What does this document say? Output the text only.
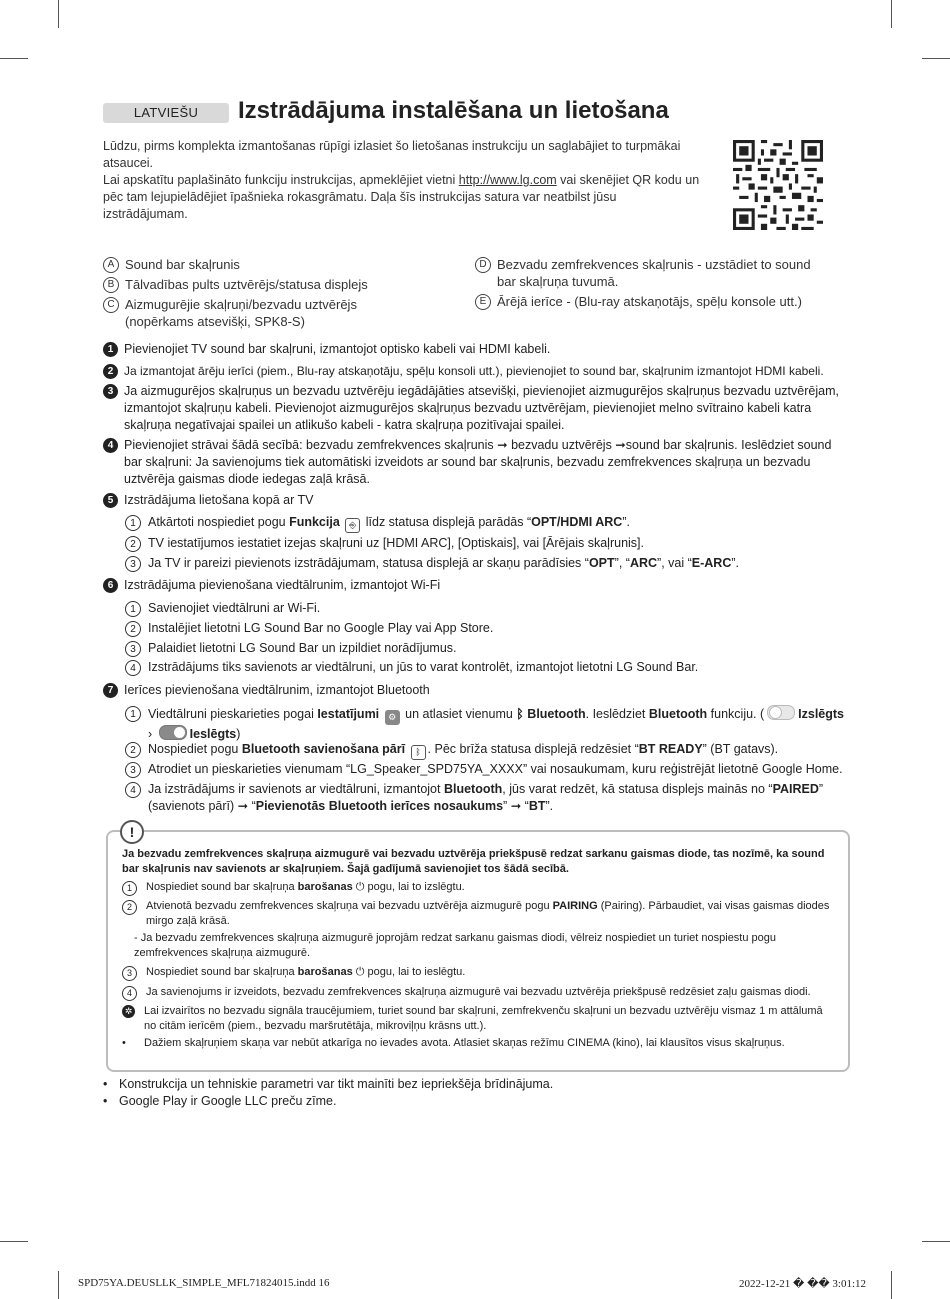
LATVIEŠU	Izstrādājuma instalēšana un lietošana
Lūdzu, pirms komplekta izmantošanas rūpīgi izlasiet šo lietošanas instrukciju un saglabājiet to turpmākai atsaucei.
Lai apskatītu paplašināto funkciju instrukcijas, apmeklējiet vietni http://www.lg.com vai skenējiet QR kodu un pēc tam lejupielādējiet īpašnieka rokasgrāmatu. Daļa šīs instrukcijas satura var neatbilst jūsu izstrādājumam.
A Sound bar skaļrunis
B Tālvadības pults uztvērējs/statusa displejs
C Aizmugurējie skaļruņi/bezvadu uztvērējs (nopērkams atsevišķi, SPK8-S)
D Bezvadu zemfrekvences skaļrunis - uzstādiet to sound bar skaļruņa tuvumā.
E Ārējā ierīce - (Blu-ray atskaņotājs, spēļu konsole utt.)
1 Pievienojiet TV sound bar skaļruni, izmantojot optisko kabeli vai HDMI kabeli.
2 Ja izmantojat ārēju ierīci (piem., Blu-ray atskaņotāju, spēļu konsoli utt.), pievienojiet to sound bar, skaļrunim izmantojot HDMI kabeli.
3 Ja aizmugurējos skaļruņus un bezvadu uztvērēju iegādājāties atsevišķi, pievienojiet aizmugurējos skaļruņus bezvadu uztvērējam, izmantojot skaļruņu kabeli. Pievienojot aizmugurējos skaļruņus bezvadu uztvērējam, pievienojiet melno svītraino kabeli katra skaļruņa negatīvajai spailei un atlikušo kabeli - katra skaļruņa pozitīvajai spailei.
4 Pievienojiet strāvai šādā secībā: bezvadu zemfrekvences skaļrunis ➞ bezvadu uztvērējs ➞sound bar skaļrunis. Ieslēdziet sound bar skaļruni: Ja savienojums tiek automātiski izveidots ar sound bar skaļrunis, bezvadu zemfrekvences skaļruņa un bezvadu uztvērēja gaismas diode iedegas zaļā krāsā.
5 Izstrādājuma lietošana kopā ar TV
1 Atkārtoti nospiediet pogu Funkcija ⎆ līdz statusa displejā parādās “OPT/HDMI ARC”.
2 TV iestatījumos iestatiet izejas skaļruni uz [HDMI ARC], [Optiskais], vai [Ārējais skaļrunis].
3 Ja TV ir pareizi pievienots izstrādājumam, statusa displejā ar skaņu parādīsies “OPT”, “ARC”, vai “E-ARC”.
6 Izstrādājuma pievienošana viedtālrunim, izmantojot Wi-Fi
1 Savienojiet viedtālruni ar Wi-Fi.
2 Instalējiet lietotni LG Sound Bar no Google Play vai App Store.
3 Palaidiet lietotni LG Sound Bar un izpildiet norādījumus.
4 Izstrādājums tiks savienots ar viedtālruni, un jūs to varat kontrolēt, izmantojot lietotni LG Sound Bar.
7 Ierīces pievienošana viedtālrunim, izmantojot Bluetooth
1 Viedtālruni pieskarieties pogai Iestatījumi ⚙ un atlasiet vienumu ᛒ Bluetooth. Ieslēdziet Bluetooth funkciju. (	Izslēgts
›	Ieslēgts)
2 Nospiediet pogu Bluetooth savienošana pārī ᛒ . Pēc brīža statusa displejā redzēsiet “BT READY” (BT gatavs).
3 Atrodiet un pieskarieties vienumam “LG_Speaker_SPD75YA_XXXX” vai nosaukumam, kuru reģistrējāt lietotnē Google Home.
4 Ja izstrādājums ir savienots ar viedtālruni, izmantojot Bluetooth, jūs varat redzēt, kā statusa displejs mainās no “PAIRED” (savienots pārī) ➞ “Pievienotās Bluetooth ierīces nosaukums” ➞ “BT”.
!
Ja bezvadu zemfrekvences skaļruņa aizmugurē vai bezvadu uztvērēja priekšpusē redzat sarkanu gaismas diode, tas nozīmē, ka sound bar skaļrunis nav savienots ar skaļruņiem. Šajā gadījumā savienojiet tos šādā secībā.
1	Nospiediet sound bar skaļruņa barošanas ⏻ pogu, lai to izslēgtu.
2	Atvienotā bezvadu zemfrekvences skaļruņa vai bezvadu uztvērēja aizmugurē pogu PAIRING (Pairing). Pārbaudiet, vai visas gaismas diodes mirgo zaļā krāsā.
- Ja bezvadu zemfrekvences skaļruņa aizmugurē joprojām redzat sarkanu gaismas diodi, vēlreiz nospiediet un turiet nospiestu pogu zemfrekvences skaļruņa aizmugurē.
3	Nospiediet sound bar skaļruņa barošanas ⏻ pogu, lai to ieslēgtu.
4	Ja savienojums ir izveidots, bezvadu zemfrekvences skaļruņa aizmugurē vai bezvadu uztvērēja priekšpusē redzēsiet zaļu gaismas diodi.
✲ Lai izvairītos no bezvadu signāla traucējumiem, turiet sound bar skaļruni, zemfrekvenču skaļruni un bezvadu uztvērēju vismaz 1 m attālumā no citām ierīcēm (piem., bezvadu maršrutētāja, mikroviļņu krāsns utt.).
•	Dažiem skaļruņiem skaņa var nebūt atkarīga no ievades avota. Atlasiet skaņas režīmu CINEMA (kino), lai klausītos visus skaļruņus.
• Konstrukcija un tehniskie parametri var tikt mainīti bez iepriekšēja brīdinājuma.
• Google Play ir Google LLC preču zīme.
SPD75YA.DEUSLLK_SIMPLE_MFL71824015.indd 16	2022-12-21 � �� 3:01:12
